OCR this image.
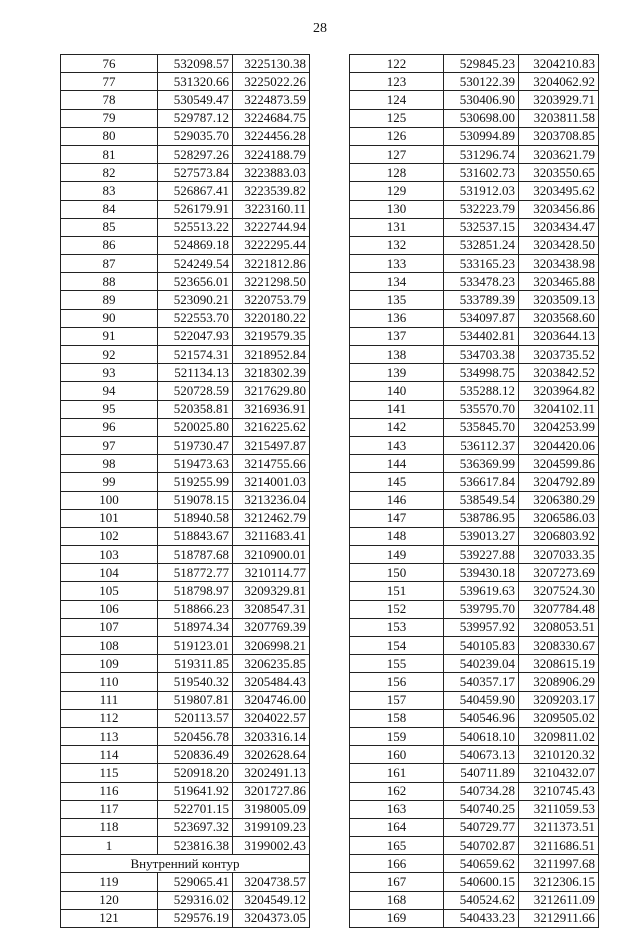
28
76	532098.57	3225130.38
77	531320.66	3225022.26
78	530549.47	3224873.59
79	529787.12	3224684.75
80	529035.70	3224456.28
81	528297.26	3224188.79
82	527573.84	3223883.03
83	526867.41	3223539.82
84	526179.91	3223160.11
85	525513.22	3222744.94
86	524869.18	3222295.44
87	524249.54	3221812.86
88	523656.01	3221298.50
89	523090.21	3220753.79
90	522553.70	3220180.22
91	522047.93	3219579.35
92	521574.31	3218952.84
93	521134.13	3218302.39
94	520728.59	3217629.80
95	520358.81	3216936.91
96	520025.80	3216225.62
97	519730.47	3215497.87
98	519473.63	3214755.66
99	519255.99	3214001.03
100	519078.15	3213236.04
101	518940.58	3212462.79
102	518843.67	3211683.41
103	518787.68	3210900.01
104	518772.77	3210114.77
105	518798.97	3209329.81
106	518866.23	3208547.31
107	518974.34	3207769.39
108	519123.01	3206998.21
109	519311.85	3206235.85
110	519540.32	3205484.43
111	519807.81	3204746.00
112	520113.57	3204022.57
113	520456.78	3203316.14
114	520836.49	3202628.64
115	520918.20	3202491.13
116	519641.92	3201727.86
117	522701.15	3198005.09
118	523697.32	3199109.23
1	523816.38	3199002.43
Внутренний контур		
119	529065.41	3204738.57
120	529316.02	3204549.12
121	529576.19	3204373.05
122	529845.23	3204210.83
123	530122.39	3204062.92
124	530406.90	3203929.71
125	530698.00	3203811.58
126	530994.89	3203708.85
127	531296.74	3203621.79
128	531602.73	3203550.65
129	531912.03	3203495.62
130	532223.79	3203456.86
131	532537.15	3203434.47
132	532851.24	3203428.50
133	533165.23	3203438.98
134	533478.23	3203465.88
135	533789.39	3203509.13
136	534097.87	3203568.60
137	534402.81	3203644.13
138	534703.38	3203735.52
139	534998.75	3203842.52
140	535288.12	3203964.82
141	535570.70	3204102.11
142	535845.70	3204253.99
143	536112.37	3204420.06
144	536369.99	3204599.86
145	536617.84	3204792.89
146	538549.54	3206380.29
147	538786.95	3206586.03
148	539013.27	3206803.92
149	539227.88	3207033.35
150	539430.18	3207273.69
151	539619.63	3207524.30
152	539795.70	3207784.48
153	539957.92	3208053.51
154	540105.83	3208330.67
155	540239.04	3208615.19
156	540357.17	3208906.29
157	540459.90	3209203.17
158	540546.96	3209505.02
159	540618.10	3209811.02
160	540673.13	3210120.32
161	540711.89	3210432.07
162	540734.28	3210745.43
163	540740.25	3211059.53
164	540729.77	3211373.51
165	540702.87	3211686.51
166	540659.62	3211997.68
167	540600.15	3212306.15
168	540524.62	3212611.09
169	540433.23	3212911.66
